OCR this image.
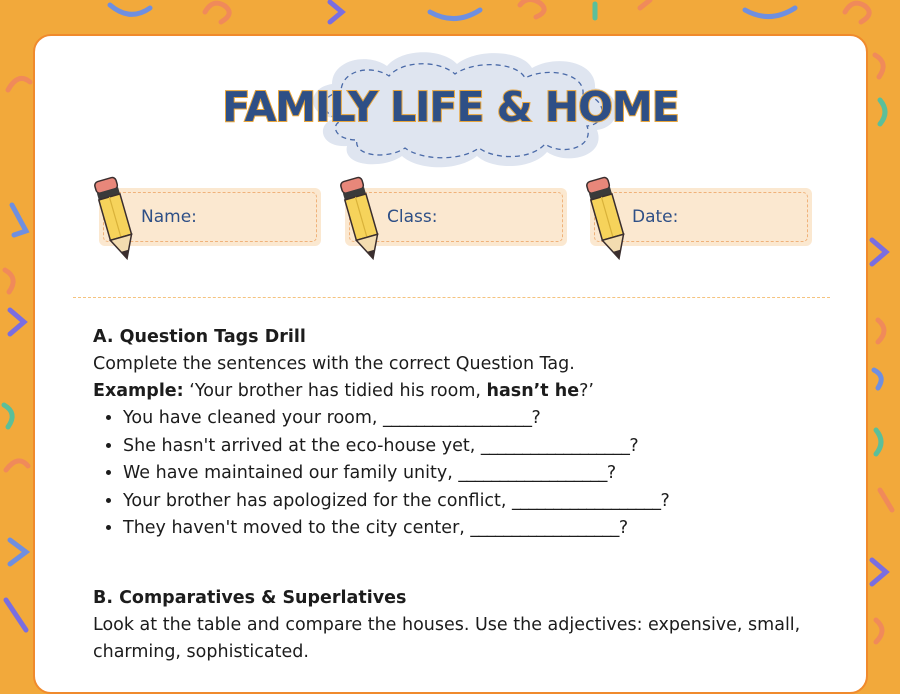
FAMILY LIFE & HOME
Name:	Class:	Date:
A. Question Tags Drill
Complete the sentences with the correct Question Tag.
Example: ‘Your brother has tidied his room, hasn’t he?’
• You have cleaned your room, __________________?
• She hasn't arrived at the eco-house yet, __________________?
• We have maintained our family unity, __________________?
• Your brother has apologized for the conflict, __________________?
• They haven't moved to the city center, __________________?
B. Comparatives & Superlatives
Look at the table and compare the houses. Use the adjectives: expensive, small, charming, sophisticated.
